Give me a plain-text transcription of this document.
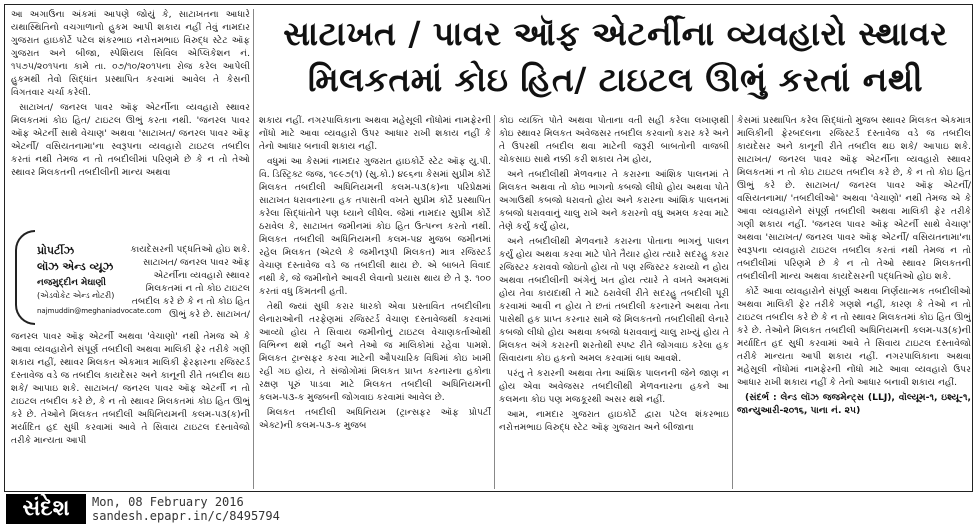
આ અગાઉના અંકમાં આપણે જોયું કે, સાટાખતના આધારે યથાસ્થિતિનો વચગાળાનો હુકમ આપી શકાય નહીં તેવું નામદાર ગુજરાત હાઇકોર્ટે પટેલ શંકરભાઇ નરોત્તમભાઇ વિરુદ્ધ સ્ટેટ ઑફ ગુજરાત અને બીજા, સ્પેશિયલ સિવિલ એપ્લિકેશન નં. ૧૫૭૫/૨૦૧૫ના કામે તા. ૦૭/૧૦/૨૦૧૫ના રોજ કરેલ આપેલી હુકમથી તેવો સિદ્ધાંત પ્રસ્થાપિત કરવામાં આવેલ તે કેસની વિગતવાર ચર્ચા કરેલી.

સાટાખત/ જનરલ પાવર ઑફ એટર્નીના વ્યવહારો સ્થાવર મિલકતમાં કોઇ હિત/ ટાઇટલ ઊભું કરતા નથી. 'જનરલ પાવર ઑફ એટર્ની સાથે વેચાણ' અથવા 'સાટાખત/ જનરલ પાવર ઑફ એટર્ની/ વસિયતનામા'ના સ્વરૂપના વ્યવહારો ટાઇટલ તબદીલ કરતાં નથી તેમજ ન તો તબદીલીમાં પરિણમે છે કે ન તો તેઓ સ્થાવર મિલકતની તબદીલીની માન્ય અથવા

કાયદેસરની પદ્ધતિઓ હોઇ શકે. સાટાખત/ જનરલ પાવર ઑફ એટર્નીના વ્યવહારો સ્થાવર મિલકતમાં ન તો કોઇ ટાઇટલ તબદીલ કરે છે કે ન તો કોઇ હિત ઊભું કરે છે. સાટાખત/
જનરલ પાવર ઑફ એટર્ની અથવા 'વેચાણો' નથી તેમજ એ કે આવા વ્યવહારોને સંપૂર્ણ તબદીલી અથવા માલિકી ફેર તરીકે ગણી શકાય નહીં, સ્થાવર મિલકત એકમાત્ર માલિકી ફેરફારના રજિસ્ટર્ડ દસ્તાવેજ વડે જ તબદીલ કાયદેસર અને કાનૂની રીતે તબદીલ થઇ શકે/ આપાઇ શકે. સાટાખત/ જનરલ પાવર ઑફ એટર્ની ન તો ટાઇટલ તબદીલ કરે છે, કે ન તો સ્થાવર મિલકતમાં કોઇ હિત ઊભું કરે છે. તેઓને મિલકત તબદીલી અધિનિયમની કલમ-૫૩(ક)ની મર્યાદિત હદ સુધી કરવામાં આવે તે સિવાય ટાઇટલ દસ્તાવેજો તરીકે માન્યતા આપી
પ્રોપર્ટીઝ
લૉઝ એન્ડ વ્યૂઝ
નજમુદ્દીન મેઘાણી
(એડવોકેટ એન્ડ નોટરી)
najmuddin@meghaniadvocate.com
સાટાખત / પાવર ઑફ એટર્નીના વ્યવહારો સ્થાવર
મિલકતમાં કોઇ હિત/ ટાઇટલ ઊભું કરતાં નથી

શકાય નહીં. નગરપાલિકાના અથવા મહેસૂલી નોંધોમાં નામફેરની નોંધો માટે આવા વ્યવહારો ઉપર આધાર રાખી શકાય નહીં કે તેનો આધાર બનાવી શકાય નહીં.

વધુમાં આ કેસમાં નામદાર ગુજરાત હાઇકોર્ટે સ્ટેટ ઑફ યુ.પી. વિ. ડિસ્ટ્રિક્ટ જજ, ૧૯૯૭(૧) (સુ.કો.) ૪૯૬ના કેસમાં સુપ્રીમ કોર્ટે મિલકત તબદીલી અધિનિયમની કલમ-૫૩(ક)ના પરિપ્રેક્ષમાં સાટાખત ધરાવનારના હક તપાસતી વખતે સુપ્રીમ કોર્ટે પ્રસ્થાપિત કરેલા સિદ્ધાંતોને પણ ધ્યાને લીધેલ. જેમાં નામદાર સુપ્રીમ કોર્ટે ઠરાવેલ કે, સાટાખત જમીનમાં કોઇ હિત ઉત્પન્ન કરતો નથી. મિલકત તબદીલી અધિનિયમની કલમ-૫૪ મુજબ જમીનમાં રહેલ મિલકત (એટલે કે જમીનરૂપી મિલકત) માત્ર રજિસ્ટર્ડ વેચાણ દસ્તાવેજ વડે જ તબદીલી થાય છે. એ બાબતે વિવાદ નથી કે, જે જમીનોને આવરી લેવાનો પ્રયાસ થાય છે તે રૂ. ૧૦૦ કરતાં વધુ કિંમતની હતી.

તેથી જ્યાં સુધી કરાર ધારકો એવા પ્રસ્તાવિત તબદીલીના લેનારાઓની તરફેણમાં રજિસ્ટર્ડ વેચાણ દસ્તાવેજથી કરવામાં આવ્યો હોય તે સિવાય જમીનોનું ટાઇટલ વેચાણકર્તાઓથી વિભિન્ન થશે નહીં અને તેઓ જ માલિકોમાં રહેવા પામશે. મિલકત ટ્રાન્સફર કરવા માટેની ઔપચારિક વિધિમાં કોઇ ખામી રહી ગઇ હોય, તે સંજોગોમાં મિલકત પ્રાપ્ત કરનારના હકોના રક્ષણ પૂરું પાડવા માટે મિલકત તબદીલી અધિનિયમની કલમ-૫૩-ક મુજબની જોગવાઇ કરવામાં આવેલ છે.

મિલકત તબદીલી અધિનિયમ (ટ્રાન્સફર ઑફ પ્રોપર્ટી એક્ટ)ની કલમ-૫૩-ક મુજબ

કોઇ વ્યક્તિ પોતે અથવા પોતાના વતી સહી કરેલા લખાણથી કોઇ સ્થાવર મિલકત અવેજસર તબદીલ કરવાનો કરાર કરે અને તે ઉપરથી તબદીલ થવા માટેની જરૂરી બાબતોની વાજબી ચોકસાઇ સાથે નક્કી કરી શકાય તેમ હોય,

અને તબદીલીથી મેળવનાર તે કરારના આંશિક પાલનમાં તે મિલકત અથવા તો કોઇ ભાગનો કબજો લીધો હોય અથવા પોતે અગાઉથી કબજો ધરાવતો હોય અને કરારના આંશિક પાલનમાં કબજો ધરાવવાનું ચાલુ રાખે અને કરારનો વધુ અમલ કરવા માટે તેણે કર્યું કર્યું હોય,

અને તબદીલીથી મેળવનારે કરારના પોતાના ભાગનું પાલન કર્યું હોય અથવા કરવા માટે પોતે તૈયાર હોય ત્યારે સદરહુ કરાર રજિસ્ટર કરાવવો જોઇતો હોય તો પણ રજિસ્ટર કરાવ્યો ન હોય અથવા તબદીલીની અંગેનું ખત હોય ત્યારે તે વખતે અમલમાં હોય તેવા કાયદાથી તે માટે ઠરાવેલી રીતે સદરહુ તબદીલી પૂરી કરવામાં આવી ન હોય તે છતાં તબદીલી કરનારને અથવા તેના પાસેથી હક પ્રાપ્ત કરનાર સામે જે મિલકતનો તબદીલીથી લેનારે કબજો લીધો હોય અથવા કબજો ધરાવવાનું ચાલુ રાખ્યું હોય તે મિલકત અંગે કરારની શરતોથી સ્પષ્ટ રીતે જોગવાઇ કરેલા હક સિવાયના કોઇ હકનો અમલ કરવામાં બાધ આવશે.

પરંતુ તે કરારની અથવા તેના આંશિક પાલનની જેને જાણ ન હોય એવા અવેજસર તબદીલીથી મેળવનારના હકને આ કલમના કોઇ પણ મજકૂરથી અસર થશે નહીં.

આમ, નામદાર ગુજરાત હાઇકોર્ટે દ્વારા પટેલ શંકરભાઇ નરોત્તમભાઇ વિરુદ્ધ સ્ટેટ ઑફ ગુજરાત અને બીજાના

કેસમાં પ્રસ્થાપિત કરેલ સિદ્ધાંતો મુજબ સ્થાવર મિલકત એકમાત્ર માલિકીની ફેરબદલના રજિસ્ટર્ડ દસ્તાવેજ વડે જ તબદીલ કાયદેસર અને કાનૂની રીતે તબદીલ થઇ શકે/ આપાઇ શકે. સાટાખત/ જનરલ પાવર ઑફ એટર્નીના વ્યવહારો સ્થાવર મિલકતમાં ન તો કોઇ ટાઇટલ તબદીલ કરે છે, કે ન તો કોઇ હિત ઊભું કરે છે. સાટાખત/ જનરલ પાવર ઑફ એટર્ની/ વસિયતનામા/ 'તબદીલીઓ' અથવા 'વેચાણો' નથી તેમજ એ કે આવા વ્યવહારોને સંપૂર્ણ તબદીલી અથવા માલિકી ફેર તરીકે ગણી શકાય નહીં. 'જનરલ પાવર ઑફ એટર્ની સાથે વેચાણ' અથવા 'સાટાખત/ જનરલ પાવર ઑફ એટર્ની/ વસિયતનામા'ના સ્વરૂપના વ્યવહારો ટાઇટલ તબદીલ કરતાં નથી તેમજ ન તો તબદીલીમાં પરિણમે છે કે ન તો તેઓ સ્થાવર મિલકતની તબદીલીની માન્ય અથવા કાયદેસરની પદ્ધતિઓ હોઇ શકે.

કોર્ટે આવા વ્યવહારોને સંપૂર્ણ અથવા નિર્ણયાત્મક તબદીલીઓ અથવા માલિકી ફેર તરીકે ગણશે નહીં, કારણ કે તેઓ ન તો ટાઇટલ તબદીલ કરે છે કે ન તો સ્થાવર મિલકતમાં કોઇ હિત ઊભું કરે છે. તેઓને મિલકત તબદીલી અધિનિયમની કલમ-૫૩(ક)ની મર્યાદિત હદ સુધી કરવામાં આવે તે સિવાય ટાઇટલ દસ્તાવેજો તરીકે માન્યતા આપી શકાય નહીં. નગરપાલિકાના અથવા મહેસૂલી નોંધોમાં નામફેરની નોંધો માટે આવા વ્યવહારો ઉપર આધાર રાખી શકાય નહીં કે તેનો આધાર બનાવી શકાય નહીં.

(સંદર્ભ : લેન્ડ લૉઝ જજમેન્ટ્સ (LLJ), વૉલ્યૂમ-૧, ઇશ્યૂ-૧, જાન્યુઆરી-૨૦૧૬, પાના નં. ૨૫)

સંદેશ	Mon, 08 February 2016
sandesh.epapr.in/c/8495794
